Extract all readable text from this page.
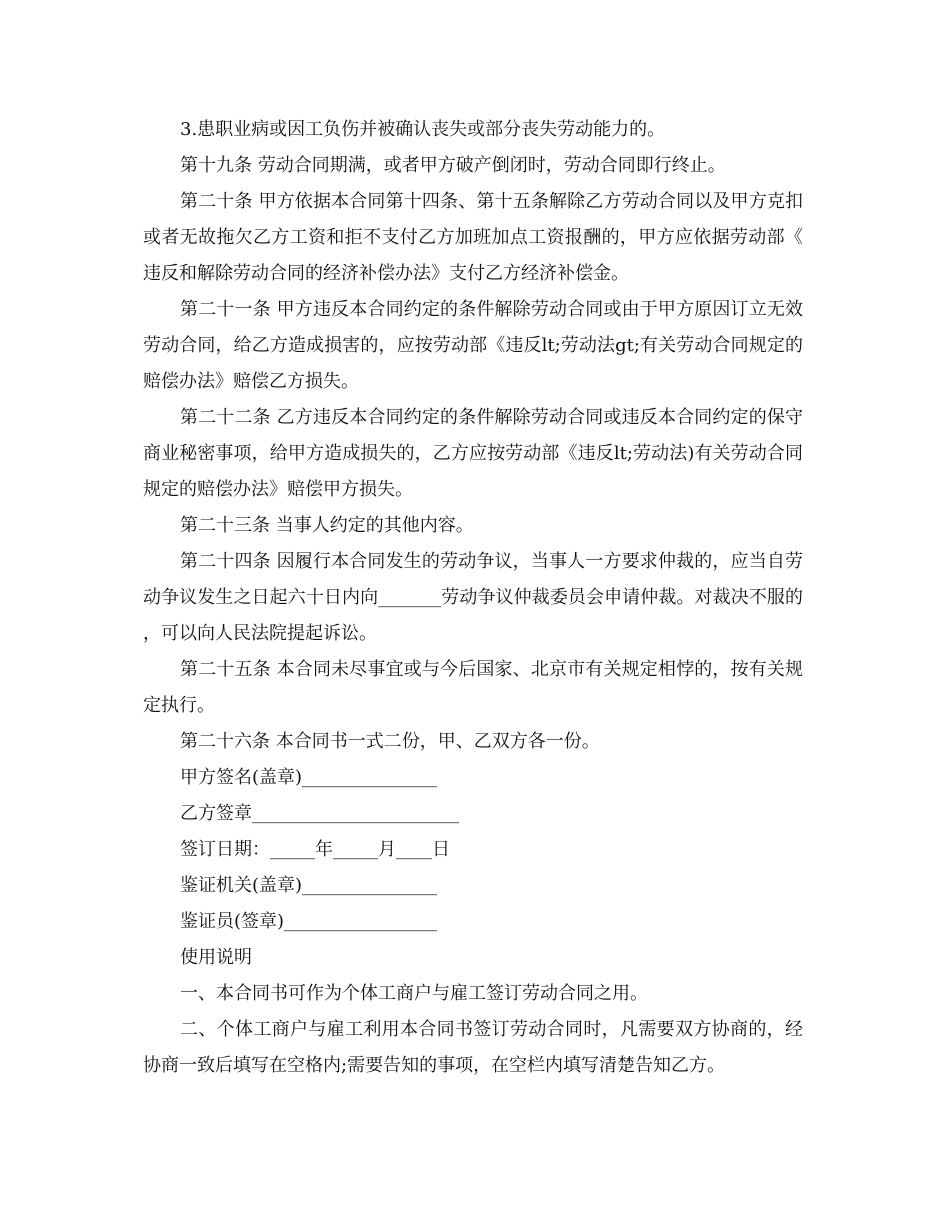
3.患职业病或因工负伤并被确认丧失或部分丧失劳动能力的。

第十九条 劳动合同期满，或者甲方破产倒闭时，劳动合同即行终止。

第二十条 甲方依据本合同第十四条、第十五条解除乙方劳动合同以及甲方克扣或者无故拖欠乙方工资和拒不支付乙方加班加点工资报酬的，甲方应依据劳动部《违反和解除劳动合同的经济补偿办法》支付乙方经济补偿金。

第二十一条 甲方违反本合同约定的条件解除劳动合同或由于甲方原因订立无效劳动合同，给乙方造成损害的，应按劳动部《违反lt;劳动法gt;有关劳动合同规定的赔偿办法》赔偿乙方损失。

第二十二条 乙方违反本合同约定的条件解除劳动合同或违反本合同约定的保守商业秘密事项，给甲方造成损失的，乙方应按劳动部《违反lt;劳动法)有关劳动合同规定的赔偿办法》赔偿甲方损失。

第二十三条 当事人约定的其他内容。

第二十四条 因履行本合同发生的劳动争议，当事人一方要求仲裁的，应当自劳动争议发生之日起六十日内向_______劳动争议仲裁委员会申请仲裁。对裁决不服的，可以向人民法院提起诉讼。

第二十五条 本合同未尽事宜或与今后国家、北京市有关规定相悖的，按有关规定执行。

第二十六条 本合同书一式二份，甲、乙双方各一份。

甲方签名(盖章)_______________
乙方签章_______________________
签订日期：_____年_____月____日
鉴证机关(盖章)_______________
鉴证员(签章)_________________
使用说明

一、本合同书可作为个体工商户与雇工签订劳动合同之用。

二、个体工商户与雇工利用本合同书签订劳动合同时，凡需要双方协商的，经协商一致后填写在空格内;需要告知的事项，在空栏内填写清楚告知乙方。
